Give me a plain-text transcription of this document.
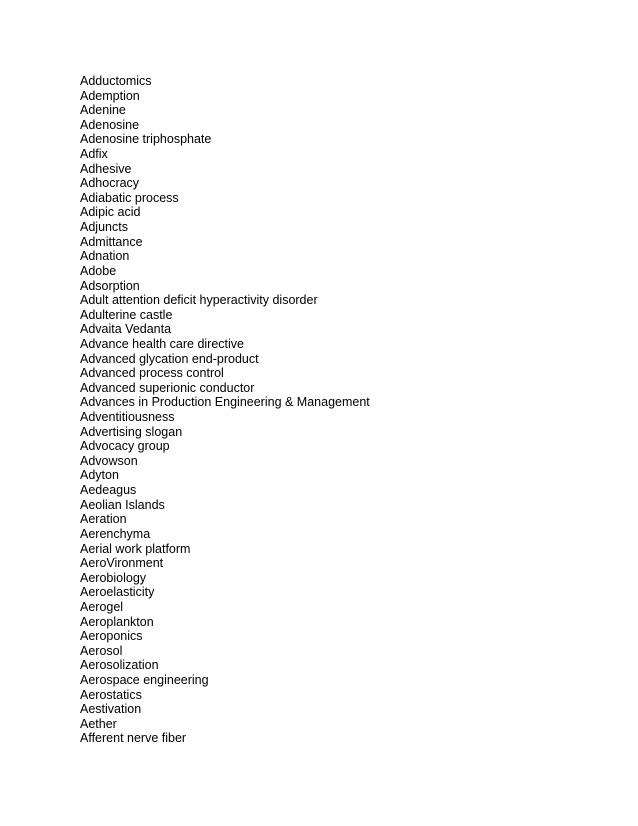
Adductomics
Ademption
Adenine
Adenosine
Adenosine triphosphate
Adfix
Adhesive
Adhocracy
Adiabatic process
Adipic acid
Adjuncts
Admittance
Adnation
Adobe
Adsorption
Adult attention deficit hyperactivity disorder
Adulterine castle
Advaita Vedanta
Advance health care directive
Advanced glycation end-product
Advanced process control
Advanced superionic conductor
Advances in Production Engineering & Management
Adventitiousness
Advertising slogan
Advocacy group
Advowson
Adyton
Aedeagus
Aeolian Islands
Aeration
Aerenchyma
Aerial work platform
AeroVironment
Aerobiology
Aeroelasticity
Aerogel
Aeroplankton
Aeroponics
Aerosol
Aerosolization
Aerospace engineering
Aerostatics
Aestivation
Aether
Afferent nerve fiber
